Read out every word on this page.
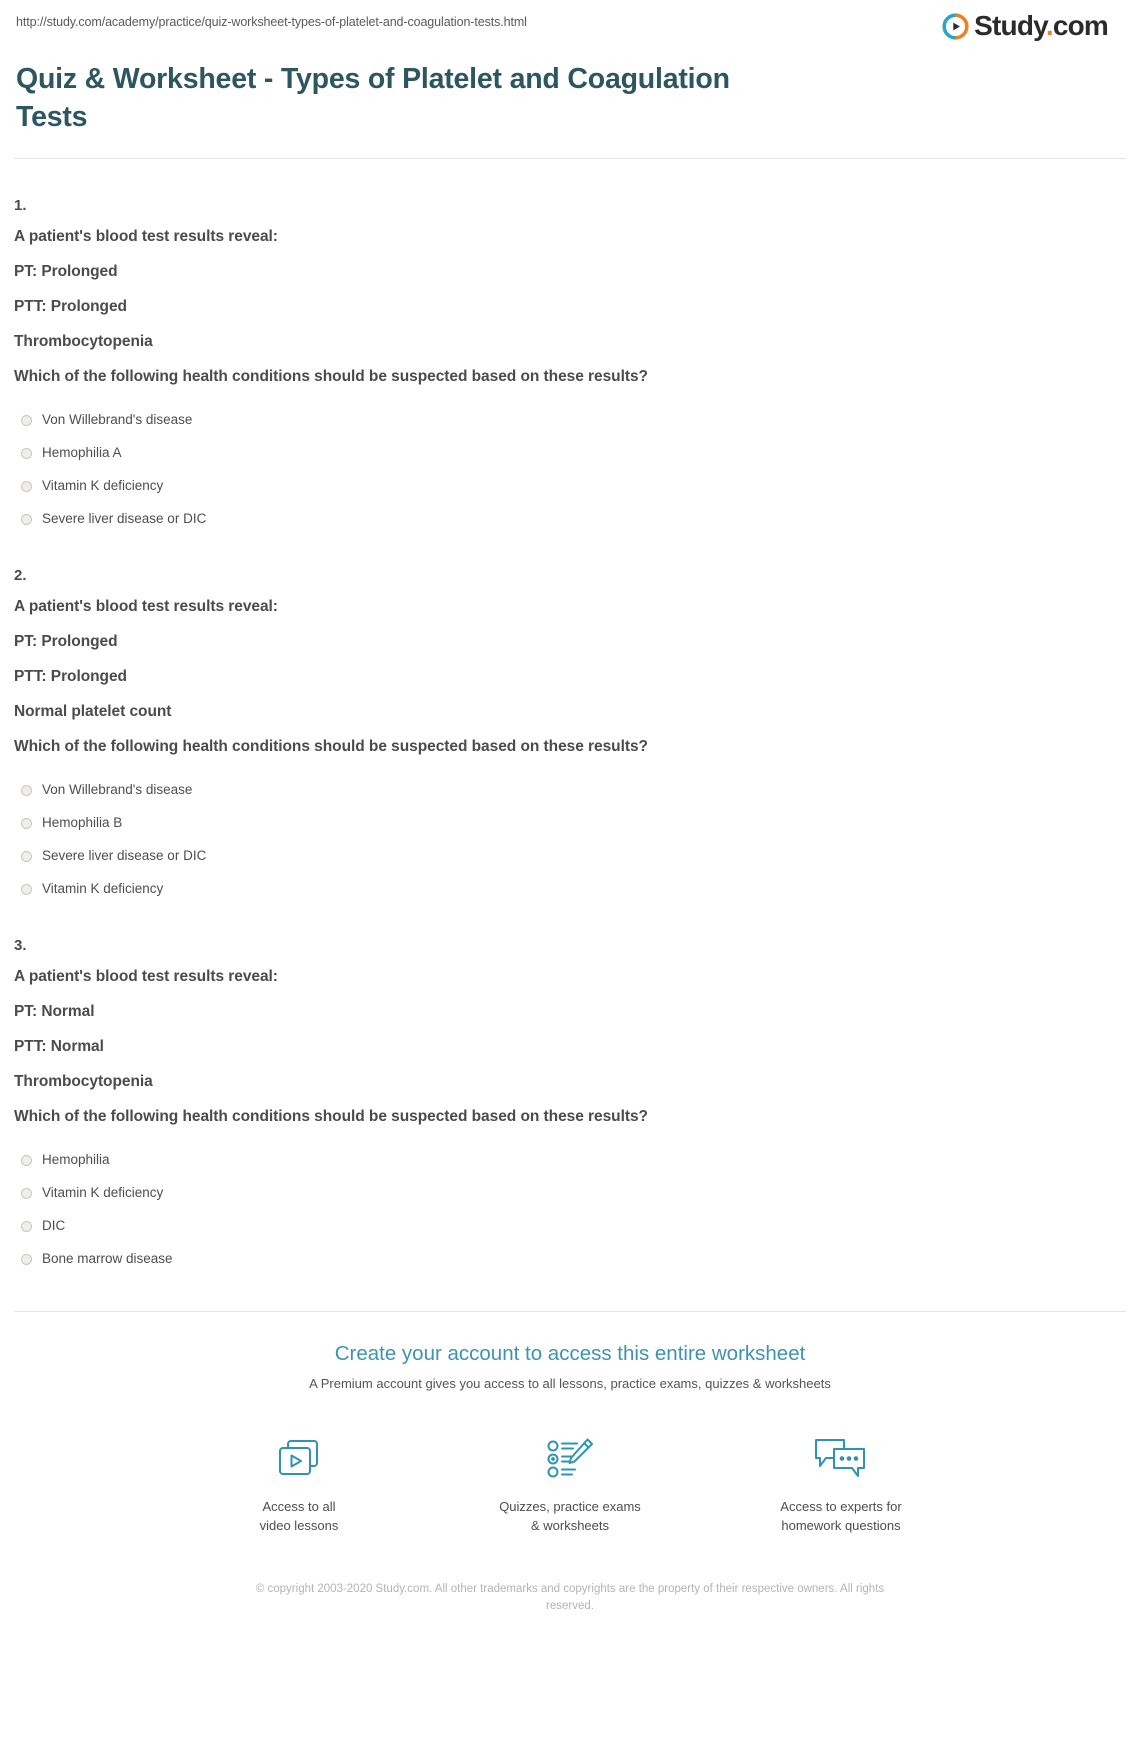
http://study.com/academy/practice/quiz-worksheet-types-of-platelet-and-coagulation-tests.html	Study.com
Quiz & Worksheet - Types of Platelet and Coagulation Tests
1.
A patient's blood test results reveal:
PT: Prolonged
PTT: Prolonged
Thrombocytopenia
Which of the following health conditions should be suspected based on these results?
Von Willebrand's disease
Hemophilia A
Vitamin K deficiency
Severe liver disease or DIC
2.
A patient's blood test results reveal:
PT: Prolonged
PTT: Prolonged
Normal platelet count
Which of the following health conditions should be suspected based on these results?
Von Willebrand's disease
Hemophilia B
Severe liver disease or DIC
Vitamin K deficiency
3.
A patient's blood test results reveal:
PT: Normal
PTT: Normal
Thrombocytopenia
Which of the following health conditions should be suspected based on these results?
Hemophilia
Vitamin K deficiency
DIC
Bone marrow disease
Create your account to access this entire worksheet
A Premium account gives you access to all lessons, practice exams, quizzes & worksheets
Access to all
video lessons
Quizzes, practice exams
& worksheets
Access to experts for
homework questions
© copyright 2003-2020 Study.com. All other trademarks and copyrights are the property of their respective owners. All rights reserved.
